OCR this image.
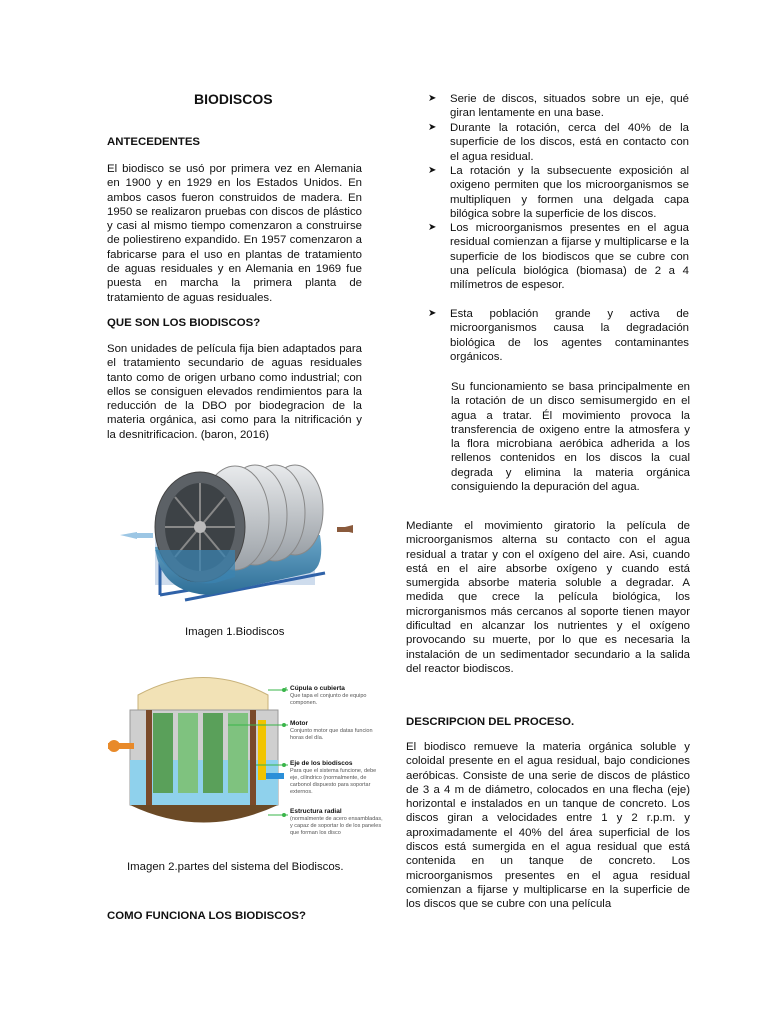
BIODISCOS
ANTECEDENTES
El biodisco se usó por primera vez en Alemania en 1900 y en 1929 en los Estados Unidos. En ambos casos fueron construidos de madera. En 1950 se realizaron pruebas con discos de plástico y casi al mismo tiempo comenzaron a construirse de poliestireno expandido. En 1957 comenzaron a fabricarse para el uso en plantas de tratamiento de aguas residuales y en Alemania en 1969 fue puesta en marcha la primera planta de tratamiento de aguas residuales.
QUE SON LOS BIODISCOS?
Son unidades de película fija bien adaptados para el tratamiento secundario de aguas residuales tanto como de origen urbano como industrial; con ellos se consiguen elevados rendimientos para la reducción de la DBO por biodegracion de la materia orgánica, asi como para la nitrificación y la desnitrificacion. (baron, 2016)
Imagen 1.Biodiscos
Cúpula o cubierta
Que tapa el conjunto de equipo componen.
Motor
Conjunto motor que datas funcion horas del día.
Eje de los biodiscos
Para que el sistema funcione, debe eje, cilindrico (normalmente, de carbonol dispuesto para soportar externos.
Estructura radial
(normalmente de acero ensambladas, y capaz de soportar lo de los paneles que forman los disco
Imagen 2.partes del sistema del Biodiscos.
COMO FUNCIONA LOS BIODISCOS?
➤	Serie de discos, situados sobre un eje, qué giran lentamente en una base.
➤	Durante la rotación, cerca del 40% de la superficie de los discos, está en contacto con el agua residual.
➤	La rotación y la subsecuente exposición al oxigeno permiten que los microorganismos se multipliquen y formen una delgada capa bilógica sobre la superficie de los discos.
➤	Los microorganismos presentes en el agua residual comienzan a fijarse y multiplicarse e la superficie de los biodiscos que se cubre con una película biológica (biomasa) de 2 a 4 milímetros de espesor.
➤	Esta población grande y activa de microorganismos causa la degradación biológica de los agentes contaminantes orgánicos.
Su funcionamiento se basa principalmente en la rotación de un disco semisumergido en el agua a tratar. Él movimiento provoca la transferencia de oxigeno entre la atmosfera y la flora microbiana aeróbica adherida a los rellenos contenidos en los discos la cual degrada y elimina la materia orgánica consiguiendo la depuración del agua.
Mediante el movimiento giratorio la película de microorganismos alterna su contacto con el agua residual a tratar y con el oxígeno del aire. Asi, cuando está en el aire absorbe oxígeno y cuando está sumergida absorbe materia soluble a degradar. A medida que crece la película biológica, los microrganismos más cercanos al soporte tienen mayor dificultad en alcanzar los nutrientes y el oxígeno provocando su muerte, por lo que es necesaria la instalación de un sedimentador secundario a la salida del reactor biodiscos.
DESCRIPCION DEL PROCESO.
El biodisco remueve la materia orgánica soluble y coloidal presente en el agua residual, bajo condiciones aeróbicas. Consiste de una serie de discos de plástico de 3 a 4 m de diámetro, colocados en una flecha (eje) horizontal e instalados en un tanque de concreto. Los discos giran a velocidades entre 1 y 2 r.p.m. y aproximadamente el 40% del área superficial de los discos está sumergida en el agua residual que está contenida en un tanque de concreto. Los microorganismos presentes en el agua residual comienzan a fijarse y multiplicarse en la superficie de los discos que se cubre con una película
